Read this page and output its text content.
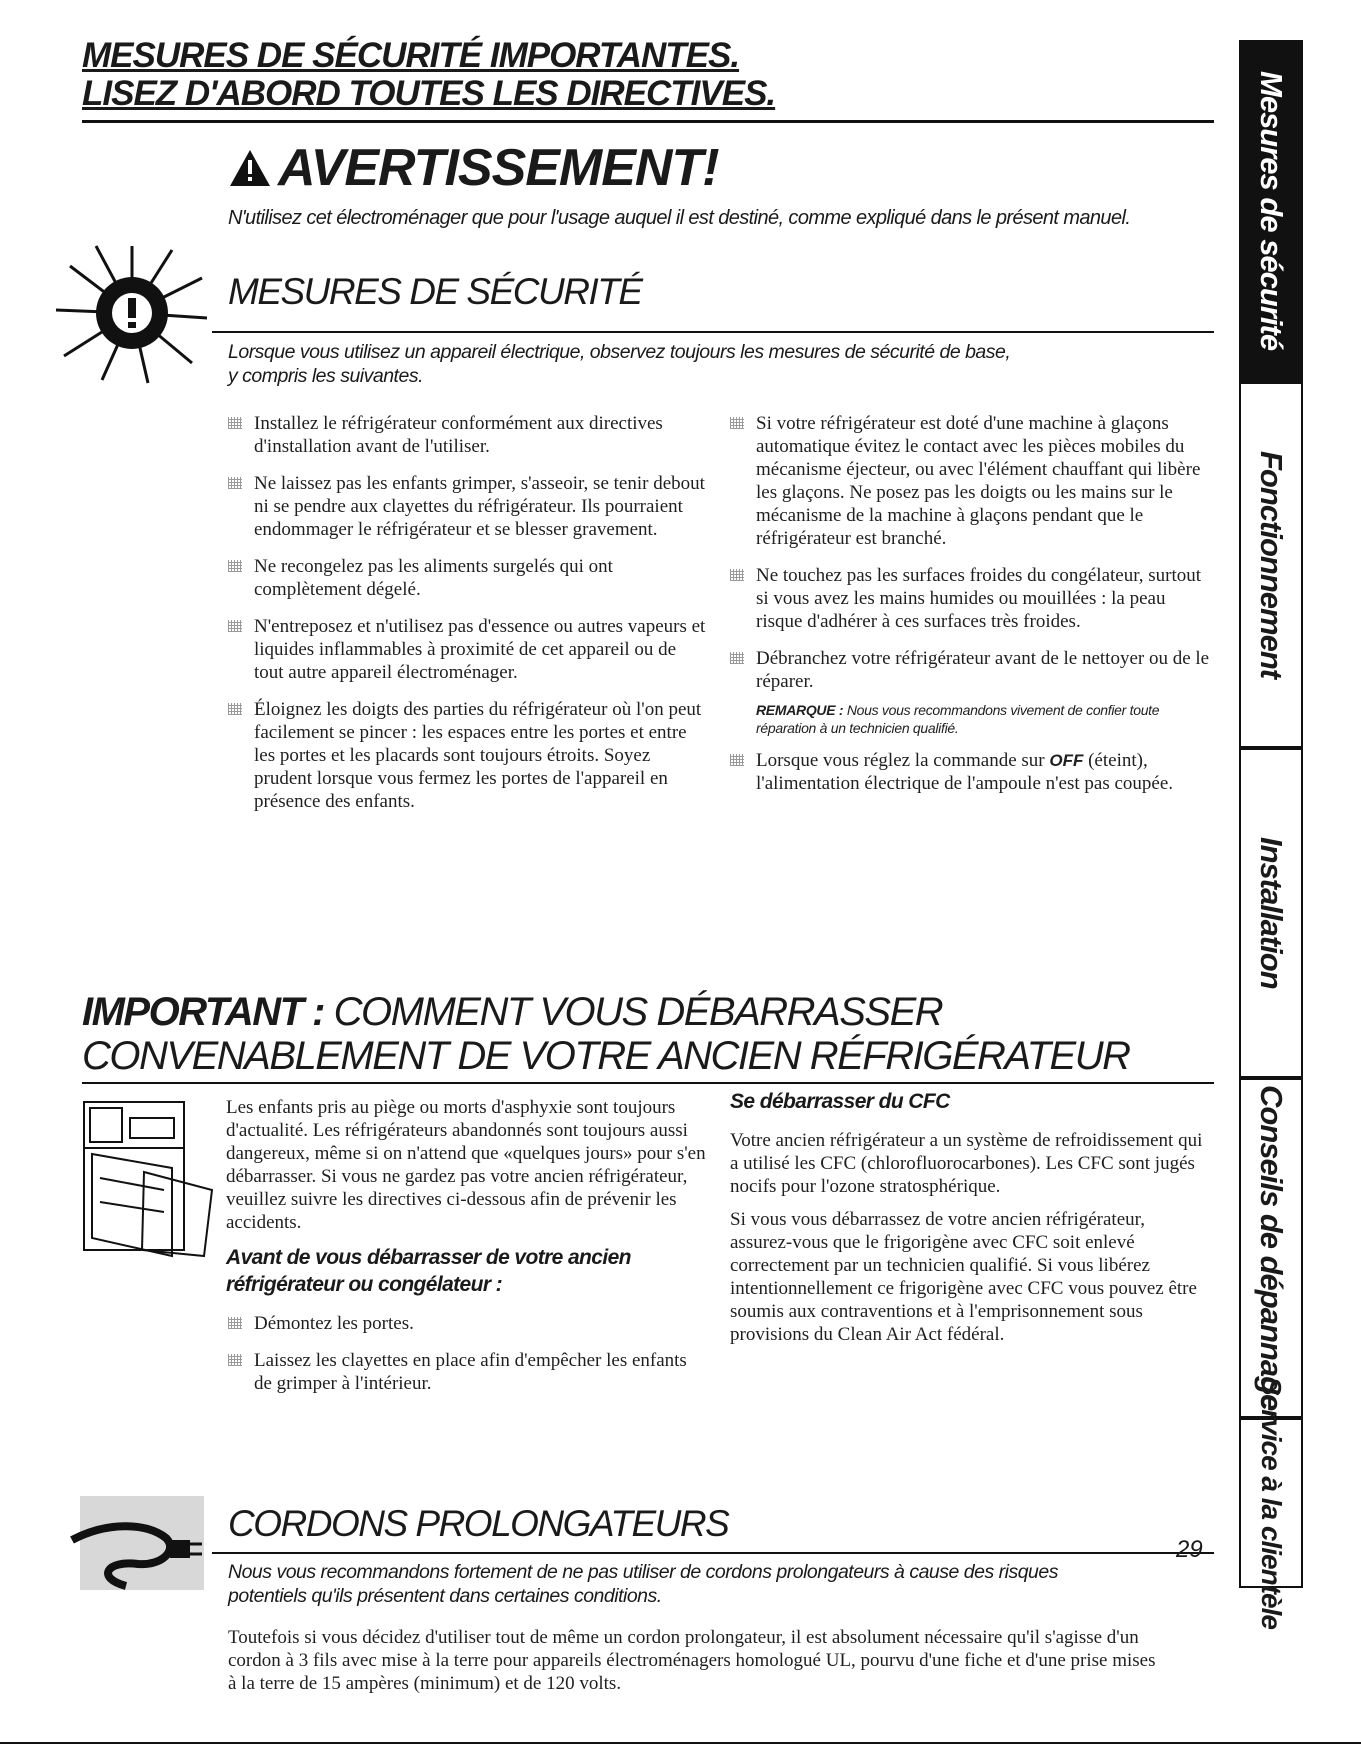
MESURES DE SÉCURITÉ IMPORTANTES.
LISEZ D'ABORD TOUTES LES DIRECTIVES.
AVERTISSEMENT!
N'utilisez cet électroménager que pour l'usage auquel il est destiné, comme expliqué dans le présent manuel.
MESURES DE SÉCURITÉ
Lorsque vous utilisez un appareil électrique, observez toujours les mesures de sécurité de base,
y compris les suivantes.
Installez le réfrigérateur conformément aux directives d'installation avant de l'utiliser.
Ne laissez pas les enfants grimper, s'asseoir, se tenir debout ni se pendre aux clayettes du réfrigérateur. Ils pourraient endommager le réfrigérateur et se blesser gravement.
Ne recongelez pas les aliments surgelés qui ont complètement dégelé.
N'entreposez et n'utilisez pas d'essence ou autres vapeurs et liquides inflammables à proximité de cet appareil ou de tout autre appareil électroménager.
Éloignez les doigts des parties du réfrigérateur où l'on peut facilement se pincer : les espaces entre les portes et entre les portes et les placards sont toujours étroits. Soyez prudent lorsque vous fermez les portes de l'appareil en présence des enfants.
Si votre réfrigérateur est doté d'une machine à glaçons automatique évitez le contact avec les pièces mobiles du mécanisme éjecteur, ou avec l'élément chauffant qui libère les glaçons. Ne posez pas les doigts ou les mains sur le mécanisme de la machine à glaçons pendant que le réfrigérateur est branché.
Ne touchez pas les surfaces froides du congélateur, surtout si vous avez les mains humides ou mouillées : la peau risque d'adhérer à ces surfaces très froides.
Débranchez votre réfrigérateur avant de le nettoyer ou de le réparer.
REMARQUE : Nous vous recommandons vivement de confier toute réparation à un technicien qualifié.
Lorsque vous réglez la commande sur OFF (éteint), l'alimentation électrique de l'ampoule n'est pas coupée.
IMPORTANT : COMMENT VOUS DÉBARRASSER
CONVENABLEMENT DE VOTRE ANCIEN RÉFRIGÉRATEUR

Les enfants pris au piège ou morts d'asphyxie sont toujours d'actualité. Les réfrigérateurs abandonnés sont toujours aussi dangereux, même si on n'attend que «quelques jours» pour s'en débarrasser. Si vous ne gardez pas votre ancien réfrigérateur, veuillez suivre les directives ci-dessous afin de prévenir les accidents.

Avant de vous débarrasser de votre ancien réfrigérateur ou congélateur :
Démontez les portes.
Laissez les clayettes en place afin d'empêcher les enfants de grimper à l'intérieur.
Se débarrasser du CFC

Votre ancien réfrigérateur a un système de refroidissement qui a utilisé les CFC (chlorofluorocarbones). Les CFC sont jugés nocifs pour l'ozone stratosphérique.

Si vous vous débarrassez de votre ancien réfrigérateur, assurez-vous que le frigorigène avec CFC soit enlevé correctement par un technicien qualifié. Si vous libérez intentionnellement ce frigorigène avec CFC vous pouvez être soumis aux contraventions et à l'emprisonnement sous provisions du Clean Air Act fédéral.

CORDONS PROLONGATEURS
Nous vous recommandons fortement de ne pas utiliser de cordons prolongateurs à cause des risques
potentiels qu'ils présentent dans certaines conditions.

Toutefois si vous décidez d'utiliser tout de même un cordon prolongateur, il est absolument nécessaire qu'il s'agisse d'un cordon à 3 fils avec mise à la terre pour appareils électroménagers homologué UL, pourvu d'une fiche et d'une prise mises à la terre de 15 ampères (minimum) et de 120 volts.

29
Mesures de sécurité
Fonctionnement
Installation
Conseils de dépannage
Service à la clientèle
